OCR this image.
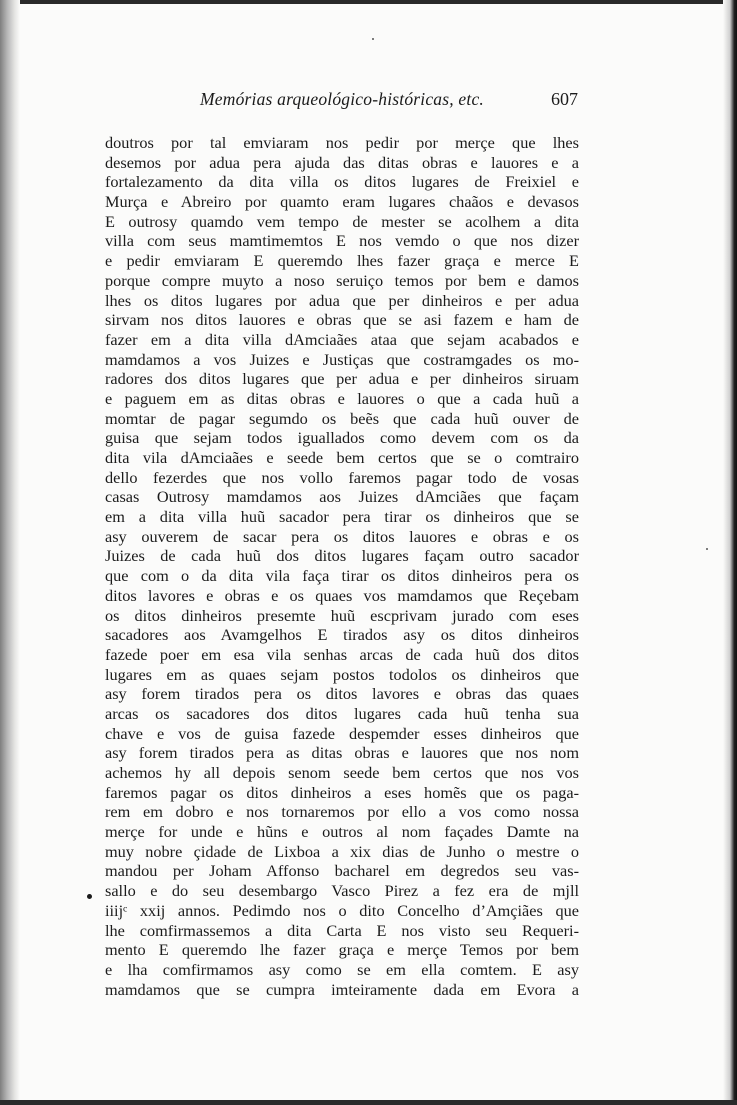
Memórias arqueológico-históricas, etc.	607
doutros por tal emviaram nos pedir por merçe que lhes
desemos por adua pera ajuda das ditas obras e lauores e a
fortalezamento da dita villa os ditos lugares de Freixiel e
Murça e Abreiro por quamto eram lugares chaãos e devasos
E outrosy quamdo vem tempo de mester se acolhem a dita
villa com seus mamtimemtos E nos vemdo o que nos dizer
e pedir emviaram E queremdo lhes fazer graça e merce E
porque compre muyto a noso seruiço temos por bem e damos
lhes os ditos lugares por adua que per dinheiros e per adua
sirvam nos ditos lauores e obras que se asi fazem e ham de
fazer em a dita villa dAmciaães ataa que sejam acabados e
mamdamos a vos Juizes e Justiças que costramgades os mo-
radores dos ditos lugares que per adua e per dinheiros siruam
e paguem em as ditas obras e lauores o que a cada huũ a
momtar de pagar segumdo os beẽs que cada huũ ouver de
guisa que sejam todos iguallados como devem com os da
dita vila dAmciaães e seede bem certos que se o comtrairo
dello fezerdes que nos vollo faremos pagar todo de vosas
casas Outrosy mamdamos aos Juizes dAmciães que façam
em a dita villa huũ sacador pera tirar os dinheiros que se
asy ouverem de sacar pera os ditos lauores e obras e os
Juizes de cada huũ dos ditos lugares façam outro sacador
que com o da dita vila faça tirar os ditos dinheiros pera os
ditos lavores e obras e os quaes vos mamdamos que Reçebam
os ditos dinheiros presemte huũ escprivam jurado com eses
sacadores aos Avamgelhos E tirados asy os ditos dinheiros
fazede poer em esa vila senhas arcas de cada huũ dos ditos
lugares em as quaes sejam postos todolos os dinheiros que
asy forem tirados pera os ditos lavores e obras das quaes
arcas os sacadores dos ditos lugares cada huũ tenha sua
chave e vos de guisa fazede despemder esses dinheiros que
asy forem tirados pera as ditas obras e lauores que nos nom
achemos hy all depois senom seede bem certos que nos vos
faremos pagar os ditos dinheiros a eses homẽs que os paga-
rem em dobro e nos tornaremos por ello a vos como nossa
merçe for unde e hũns e outros al nom façades Damte na
muy nobre çidade de Lixboa a xix dias de Junho o mestre o
mandou per Joham Affonso bacharel em degredos seu vas-
sallo e do seu desembargo Vasco Pirez a fez era de mjll
iiijᶜ xxij annos. Pedimdo nos o dito Concelho d’Amçiães que
lhe comfirmassemos a dita Carta E nos visto seu Requeri-
mento E queremdo lhe fazer graça e merçe Temos por bem
e lha comfirmamos asy como se em ella comtem. E asy
mamdamos que se cumpra imteiramente dada em Evora a
